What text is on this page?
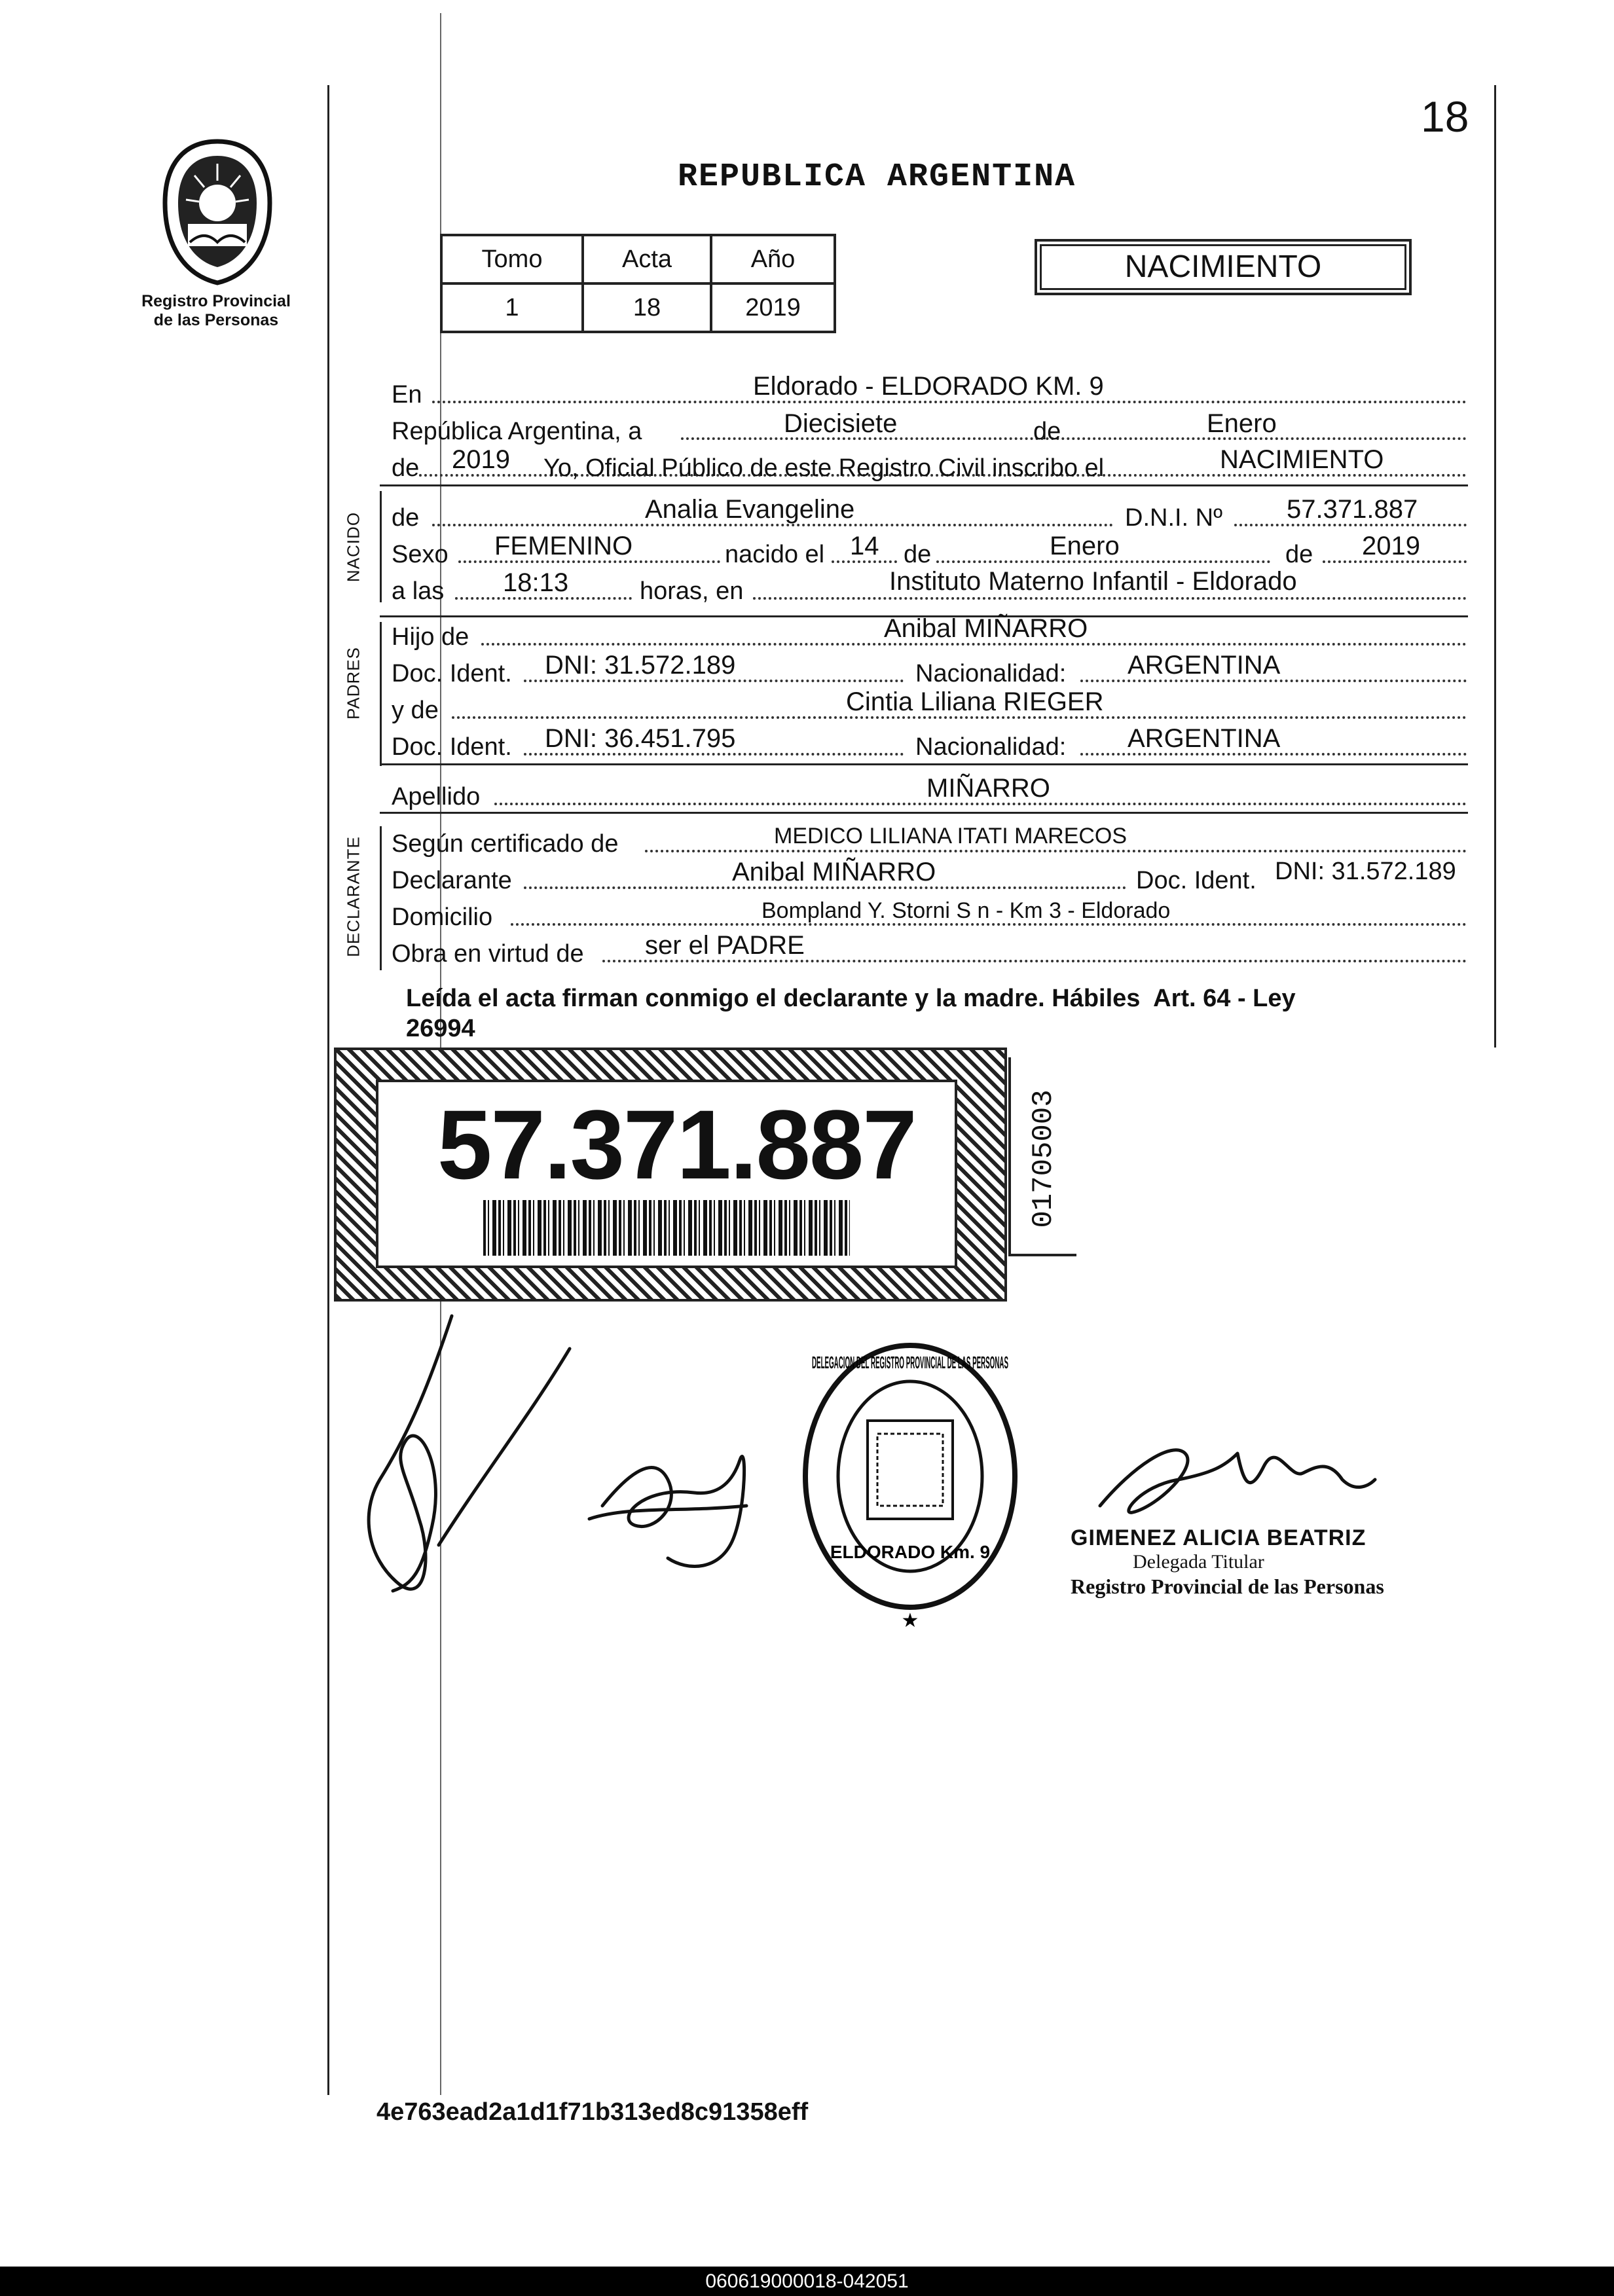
18
Registro Provincial
de las Personas
REPUBLICA ARGENTINA
Tomo	Acta	Año
1	18	2019
NACIMIENTO
En	Eldorado - ELDORADO KM. 9
República Argentina, a	Diecisiete	de	Enero
de 2019 Yo, Oficial Público de este Registro Civil inscribo el	NACIMIENTO
NACIDO de	Analia Evangeline	D.N.I. Nº 57.371.887
Sexo FEMENINO	nacido el 14 de	Enero	de 2019
a las 18:13	horas, en	Instituto Materno Infantil - Eldorado
PADRES
Hijo de	Anibal MIÑARRO
Doc. Ident. DNI: 31.572.189	Nacionalidad: ARGENTINA
y de	Cintia Liliana RIEGER
Doc. Ident. DNI: 36.451.795	Nacionalidad: ARGENTINA
Apellido	MIÑARRO
DECLARANTE Según certificado de	MEDICO LILIANA ITATI MARECOS
Declarante	Anibal MIÑARRO	Doc. Ident. DNI: 31.572.189
Domicilio	Bompland Y. Storni S n - Km 3 - Eldorado
Obra en virtud de ser el PADRE
Leída el acta firman conmigo el declarante y la madre. Hábiles  Art. 64 - Ley
26994
57.371.887	01705003
DELEGACION DEL REGISTRO PROVINCIAL DE LAS PERSONAS
ELDORADO Km. 9
★
GIMENEZ ALICIA BEATRIZ
Delegada Titular
Registro Provincial de las Personas
4e763ead2a1d1f71b313ed8c91358eff
060619000018-042051
